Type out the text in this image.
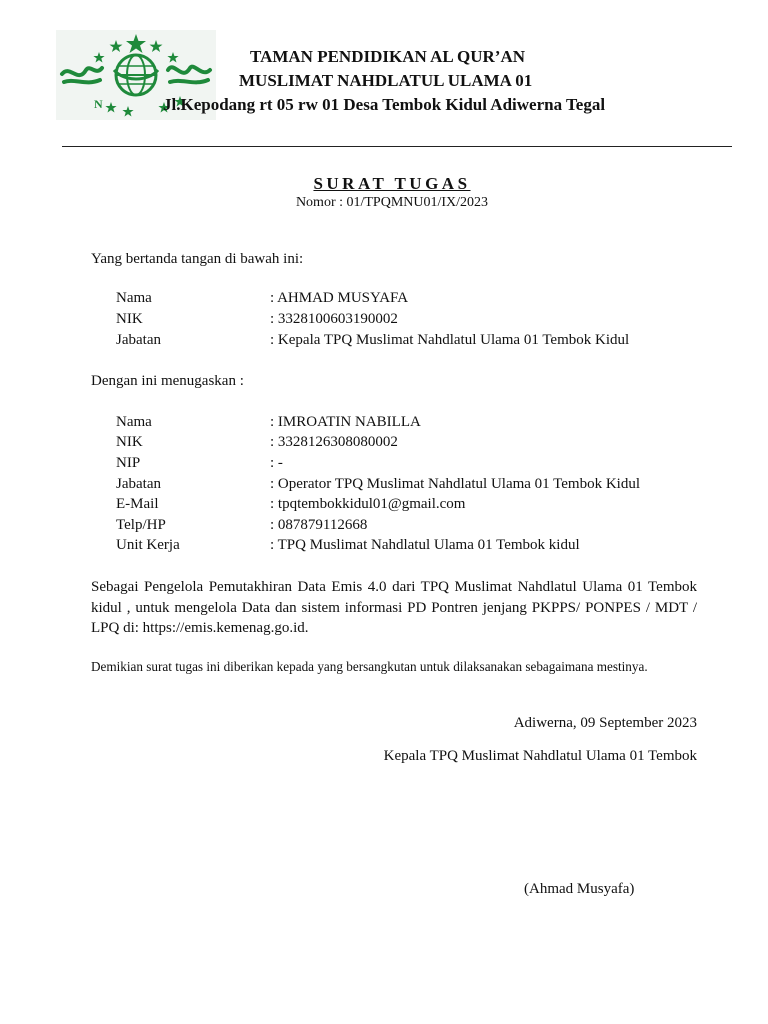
N
TAMAN PENDIDIKAN AL QUR’AN
MUSLIMAT NAHDLATUL ULAMA 01
Jl.Kepodang rt 05 rw 01 Desa Tembok Kidul Adiwerna Tegal
SURAT TUGAS
Nomor : 01/TPQMNU01/IX/2023
Yang bertanda tangan di bawah ini:
Nama	: AHMAD MUSYAFA
NIK	: 3328100603190002
Jabatan	: Kepala TPQ Muslimat Nahdlatul Ulama 01 Tembok Kidul
Dengan ini menugaskan :
Nama	: IMROATIN NABILLA
NIK	: 3328126308080002
NIP	: -
Jabatan	: Operator TPQ Muslimat Nahdlatul Ulama 01 Tembok Kidul
E-Mail	: tpqtembokkidul01@gmail.com
Telp/HP	: 087879112668
Unit Kerja	: TPQ Muslimat Nahdlatul Ulama 01 Tembok kidul
Sebagai Pengelola Pemutakhiran Data Emis 4.0 dari TPQ Muslimat Nahdlatul Ulama 01 Tembok kidul , untuk mengelola Data dan sistem informasi PD Pontren jenjang PKPPS/ PONPES / MDT / LPQ di: https://emis.kemenag.go.id.
Demikian surat tugas ini diberikan kepada yang bersangkutan untuk dilaksanakan sebagaimana mestinya.
Adiwerna, 09 September 2023
Kepala TPQ Muslimat Nahdlatul Ulama 01 Tembok
(Ahmad Musyafa)
